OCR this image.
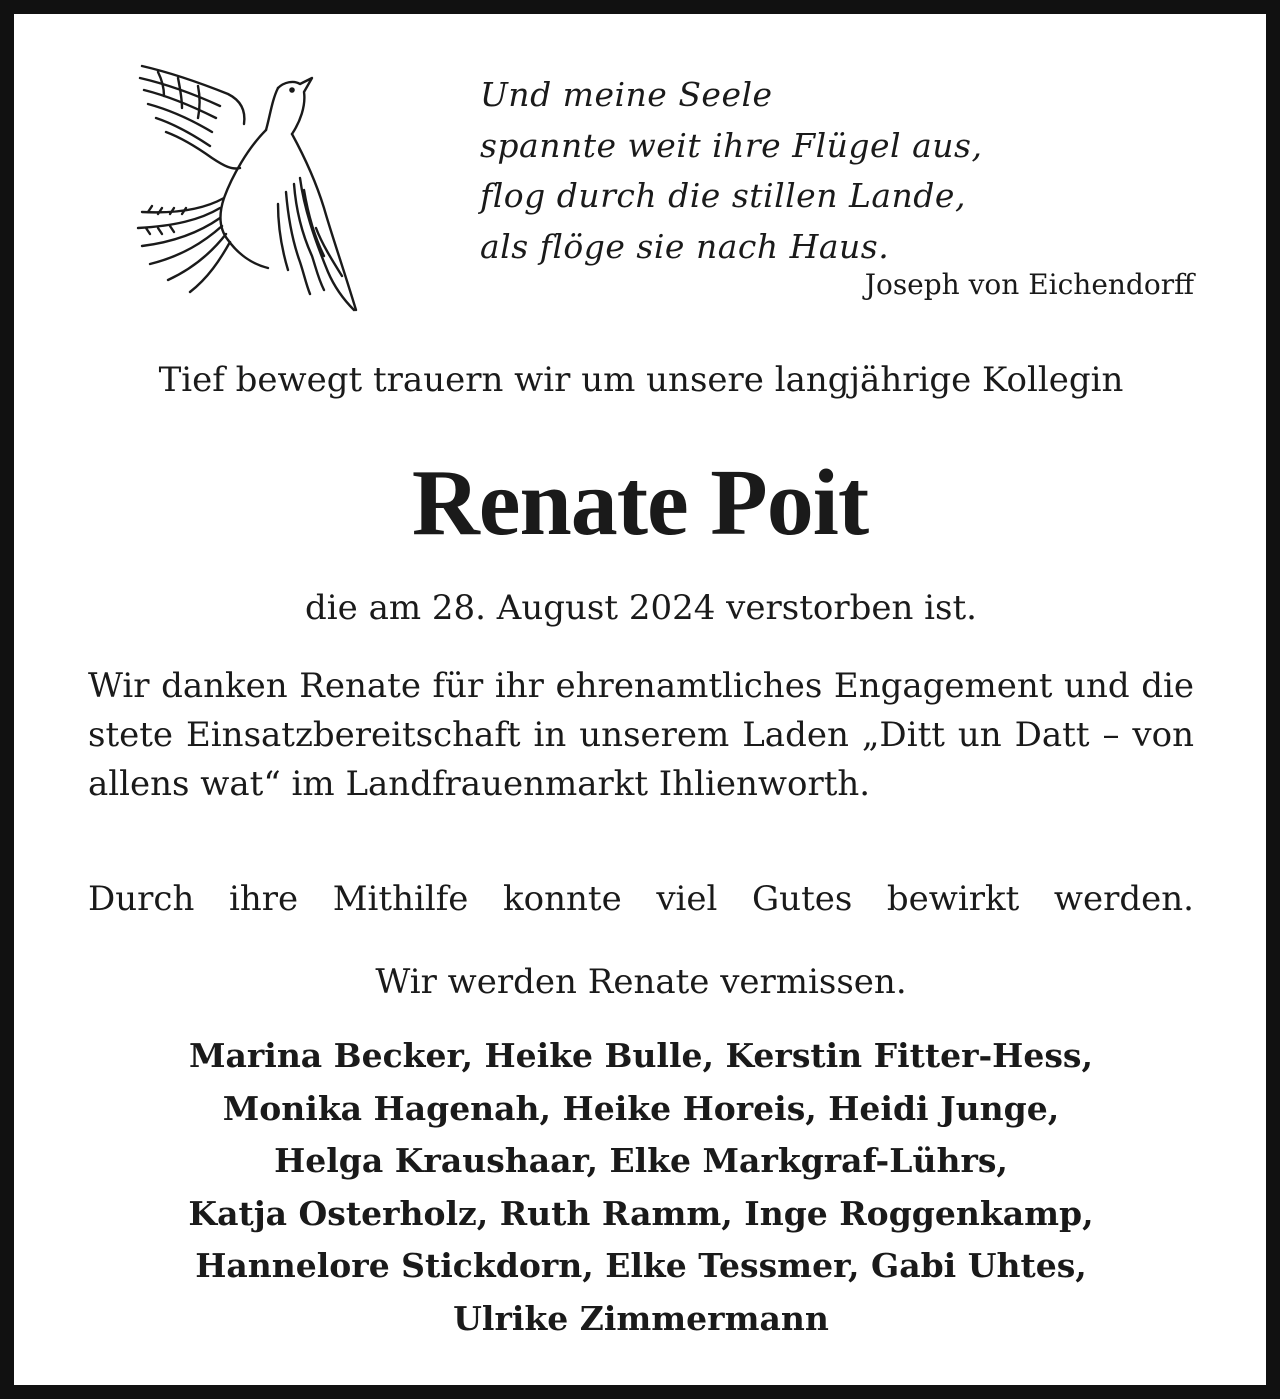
Und meine Seele
spannte weit ihre Flügel aus,
flog durch die stillen Lande,
als flöge sie nach Haus.
Joseph von Eichendorff
Tief bewegt trauern wir um unsere langjährige Kollegin
Renate Poit
die am 28. August 2024 verstorben ist.
Wir danken Renate für ihr ehrenamtliches Engagement und die stete Einsatzbereitschaft in unserem Laden „Ditt un Datt – von allens wat“ im Landfrauenmarkt Ihlienworth.
Durch ihre Mithilfe konnte viel Gutes bewirkt werden.
Wir werden Renate vermissen.
Marina Becker, Heike Bulle, Kerstin Fitter-Hess,
Monika Hagenah, Heike Horeis, Heidi Junge,
Helga Kraushaar, Elke Markgraf-Lührs,
Katja Osterholz, Ruth Ramm, Inge Roggenkamp,
Hannelore Stickdorn, Elke Tessmer, Gabi Uhtes,
Ulrike Zimmermann
